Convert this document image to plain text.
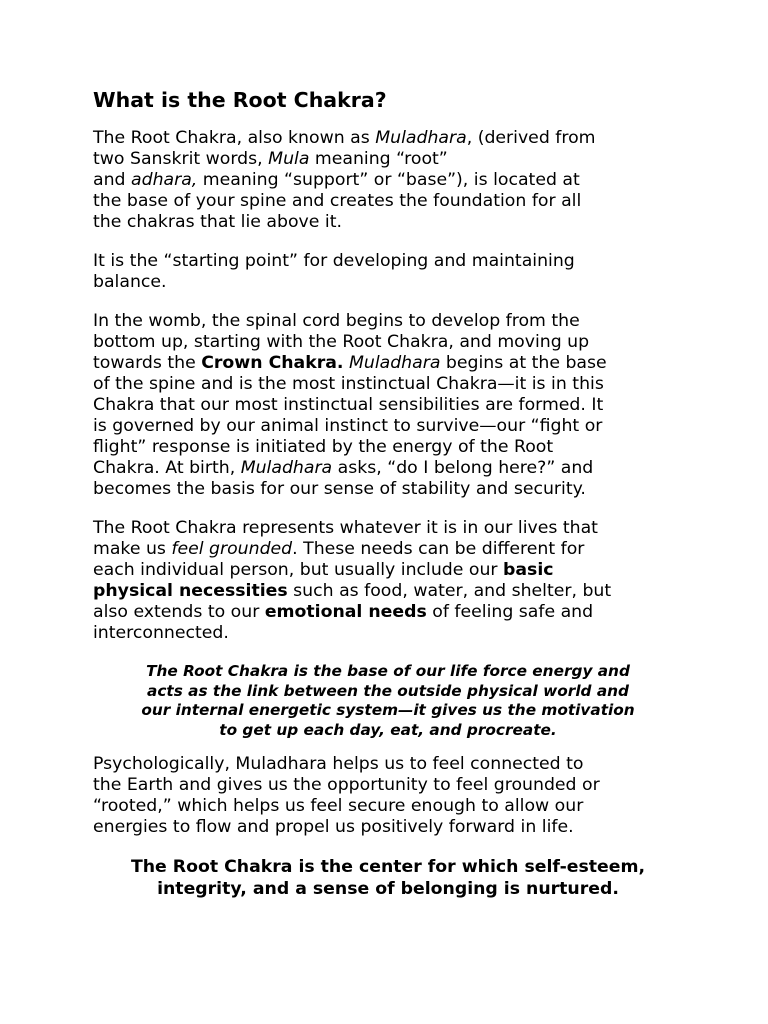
What is the Root Chakra?
The Root Chakra, also known as Muladhara, (derived from
two Sanskrit words, Mula meaning “root”
and adhara, meaning “support” or “base”), is located at
the base of your spine and creates the foundation for all
the chakras that lie above it.
It is the “starting point” for developing and maintaining
balance.
In the womb, the spinal cord begins to develop from the
bottom up, starting with the Root Chakra, and moving up
towards the Crown Chakra. Muladhara begins at the base
of the spine and is the most instinctual Chakra—it is in this
Chakra that our most instinctual sensibilities are formed. It
is governed by our animal instinct to survive—our “fight or
flight” response is initiated by the energy of the Root
Chakra. At birth, Muladhara asks, “do I belong here?” and
becomes the basis for our sense of stability and security.
The Root Chakra represents whatever it is in our lives that
make us feel grounded. These needs can be different for
each individual person, but usually include our basic
physical necessities such as food, water, and shelter, but
also extends to our emotional needs of feeling safe and
interconnected.
The Root Chakra is the base of our life force energy and
acts as the link between the outside physical world and
our internal energetic system—it gives us the motivation
to get up each day, eat, and procreate.
Psychologically, Muladhara helps us to feel connected to
the Earth and gives us the opportunity to feel grounded or
“rooted,” which helps us feel secure enough to allow our
energies to flow and propel us positively forward in life.
The Root Chakra is the center for which self-esteem,
integrity, and a sense of belonging is nurtured.
